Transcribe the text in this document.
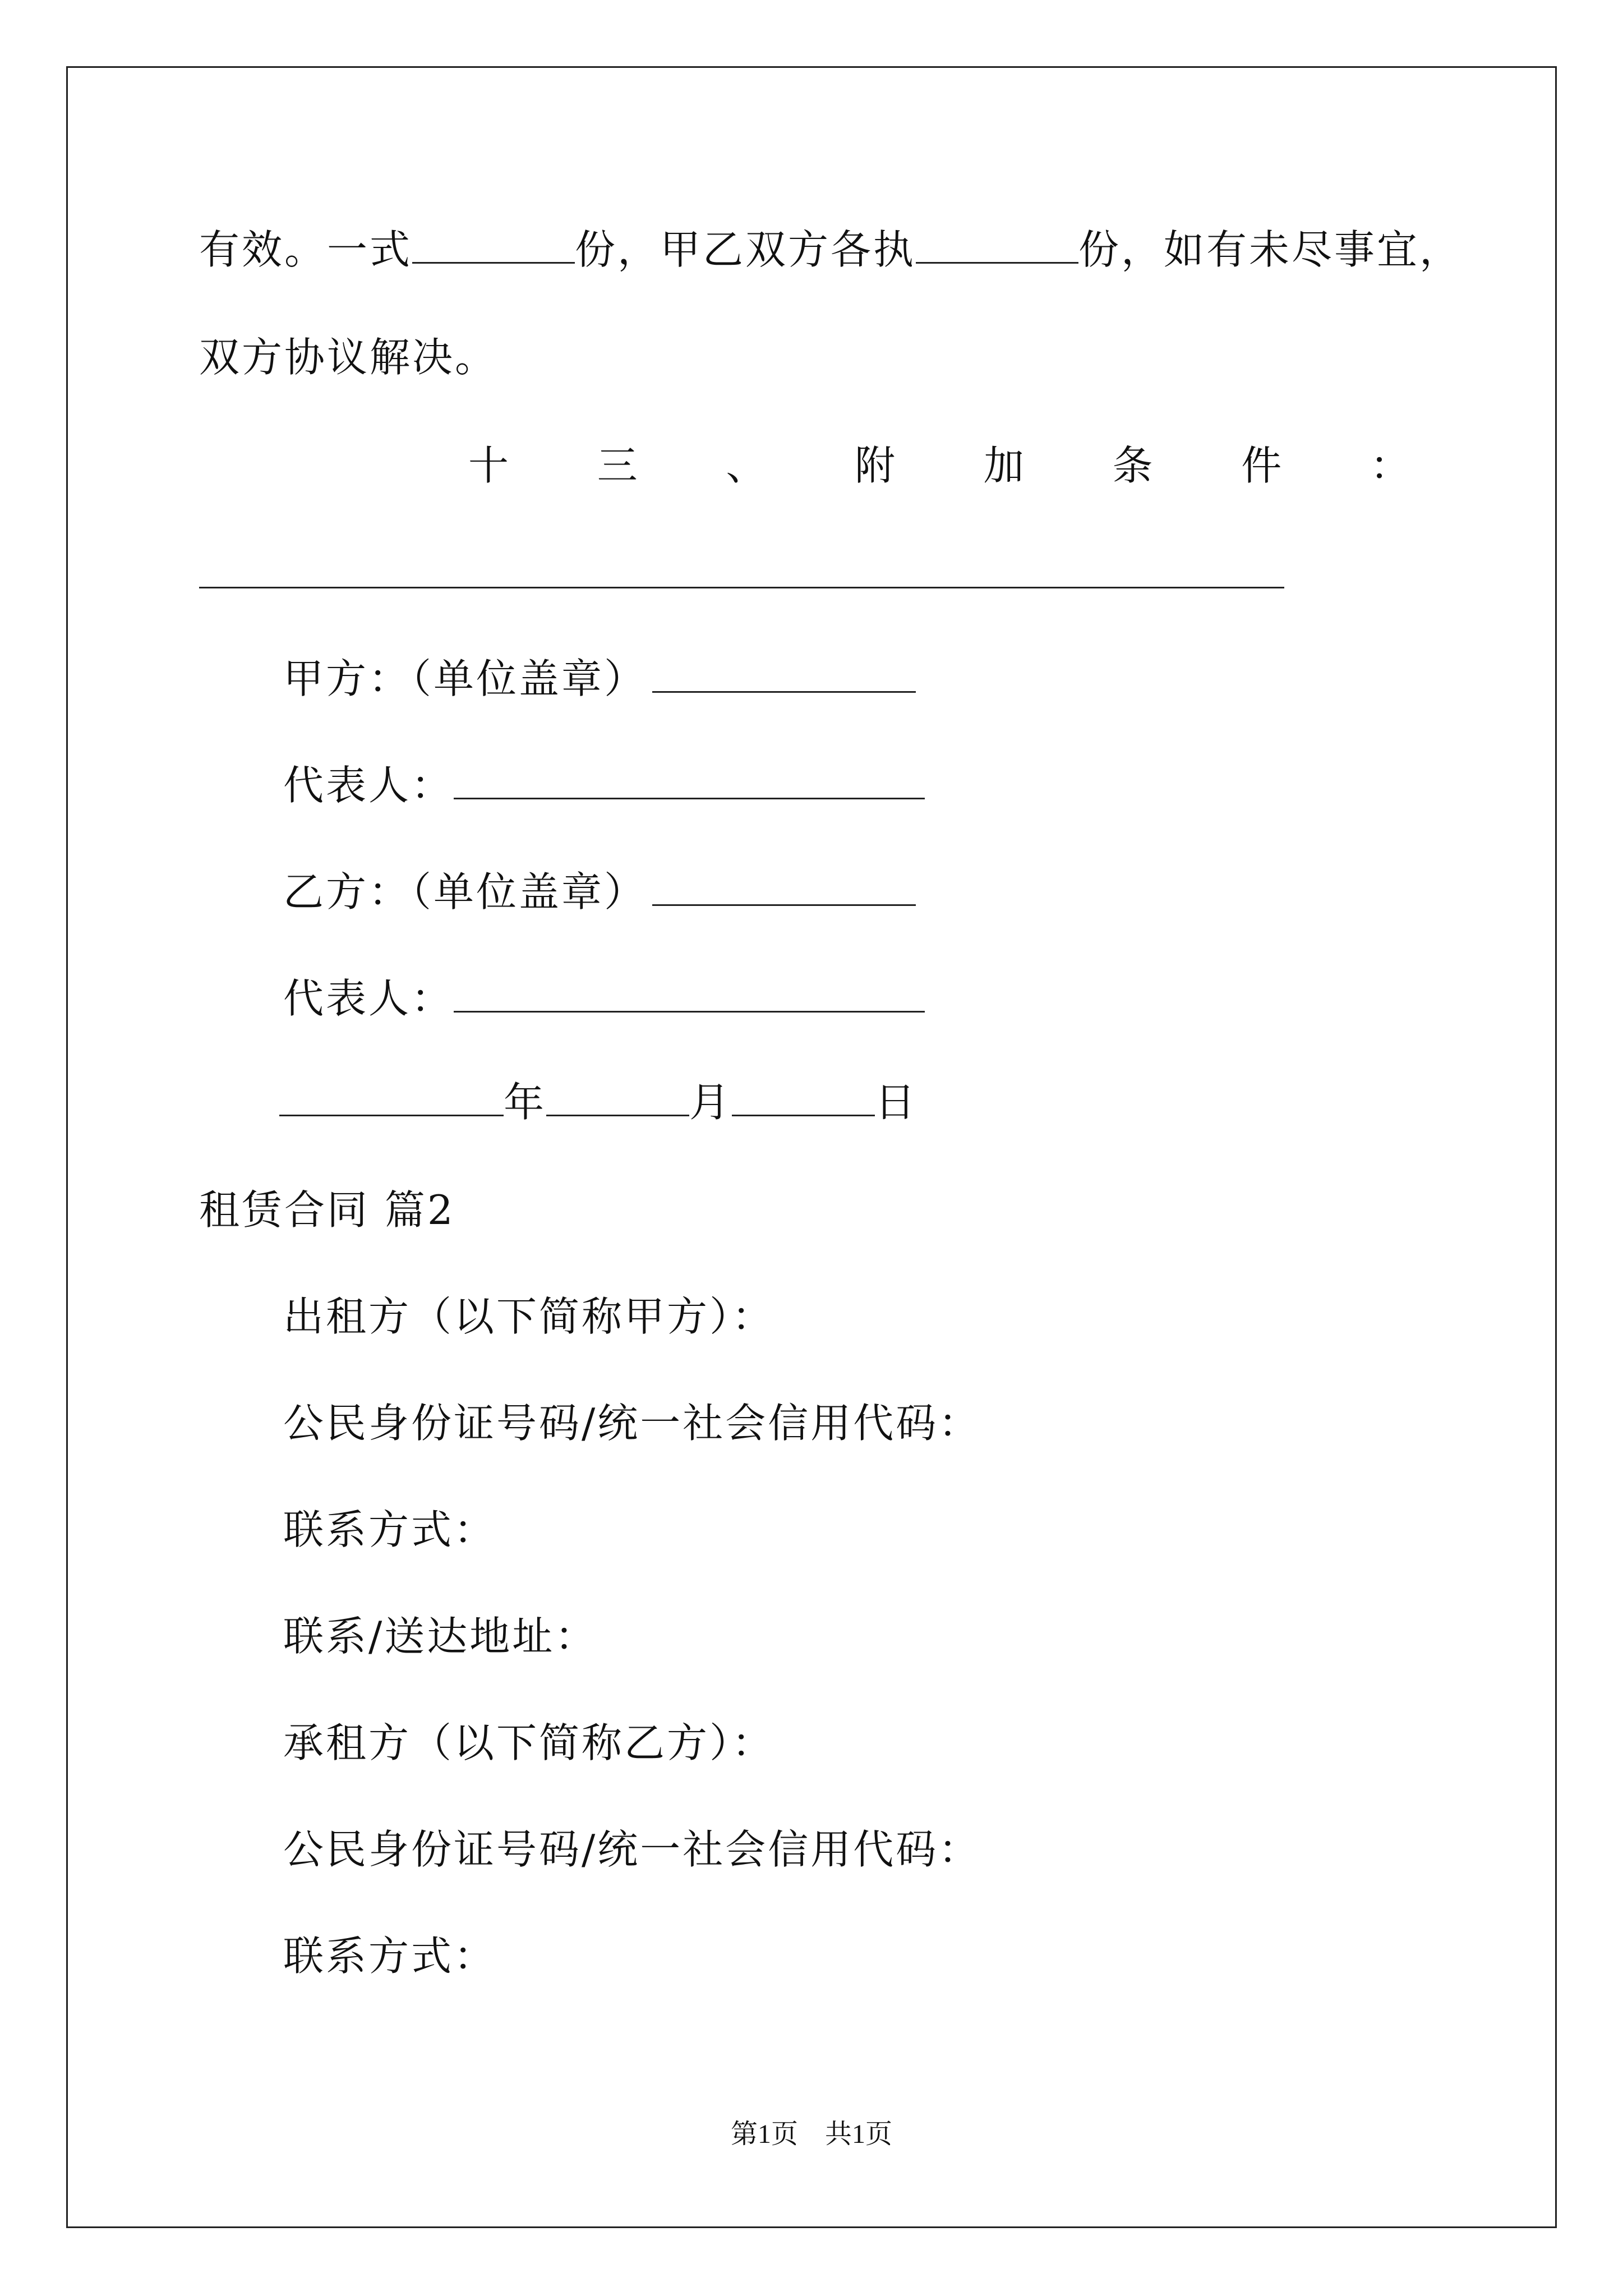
有效。一式	份，甲乙双方各执	份，如有未尽事宜，
双方协议解决。
十 三 、 附 加 条 件 ：
甲方：（单位盖章）
代表人：
乙方：（单位盖章）
代表人：
年	月	日
租赁合同 篇2
出租方（以下简称甲方）：
公民身份证号码/统一社会信用代码：
联系方式：
联系/送达地址：
承租方（以下简称乙方）：
公民身份证号码/统一社会信用代码：
联系方式：
第1页　共1页
